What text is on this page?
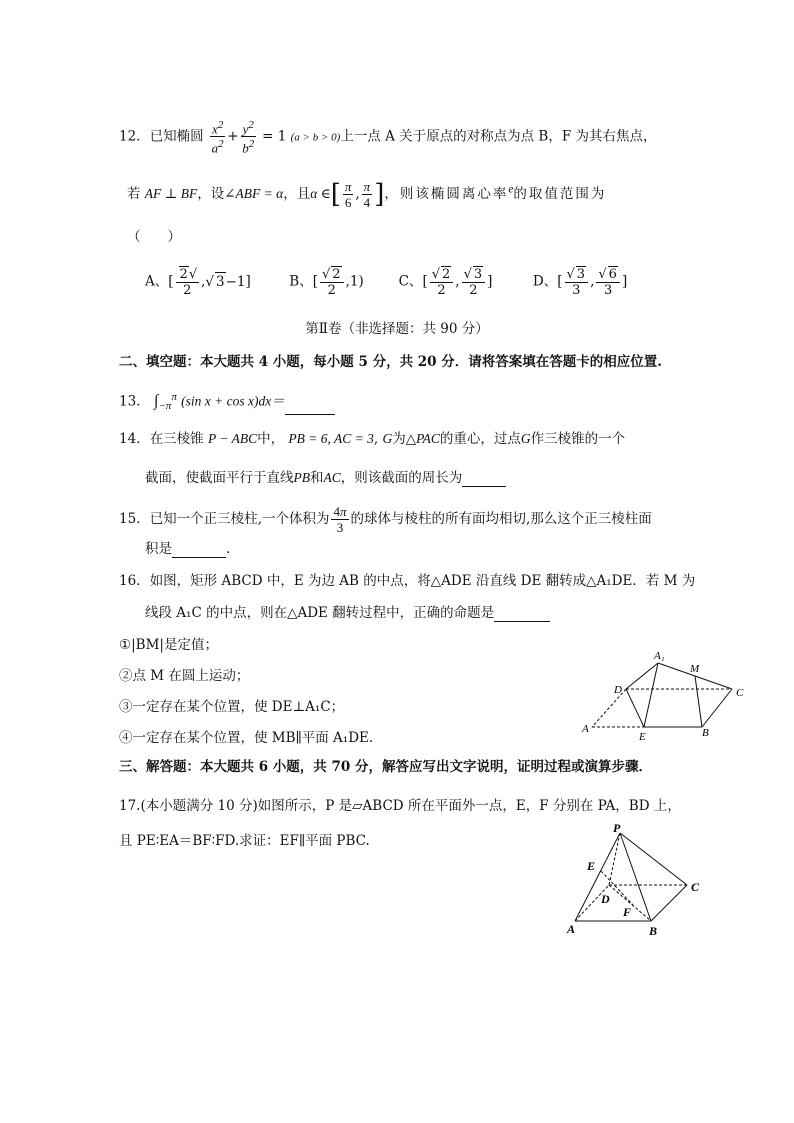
12．已知椭圆 $\frac{x^2}{a^2} + \frac{y^2}{b^2} = 1$ (a > b > 0)上一点 A 关于原点的对称点为点 B，F 为其右焦点，
若 AF ⊥ BF，设∠ABF = α，且α ∈[ $\frac{\pi}{6}$ , $\frac{\pi}{4}$ ]，则该椭圆离心率$^e$的取值范围为
（　　）
A、[ $\frac{2√}{2}$ ,√ 3−1]	B、[ $\frac{√ 2}{2} ,1$)	C、[ $\frac{√ 2}{2}$ , $\frac{√ 3}{2}$ ]	D、[ $\frac{√ 3}{3}$ , $\frac{√ 6}{3}$ ]
第Ⅱ卷（非选择题：共 90 分）
二、填空题：本大题共 4 小题，每小题 5 分，共 20 分．请将答案填在答题卡的相应位置.
13． $\int_{-\pi}^\pi$ (sin x + cos x)dx＝
14．在三棱锥 P − ABC中， PB = 6, AC = 3, G为△PAC的重心，过点G作三棱锥的一个
截面，使截面平行于直线PB和AC，则该截面的周长为
15．已知一个正三棱柱,一个体积为 $\frac{4\pi}{3}$ 的球体与棱柱的所有面均相切,那么这个正三棱柱面
积是	．
16．如图，矩形 ABCD 中，E 为边 AB 的中点，将△ADE 沿直线 DE 翻转成△A₁DE．若 M 为
线段 A₁C 的中点，则在△ADE 翻转过程中，正确的命题是
①|BM|是定值；
②点 M 在圆上运动；
③一定存在某个位置，使 DE⊥A₁C；
④一定存在某个位置，使 MB∥平面 A₁DE．
A₁
M
D	C
A
E	B
三、解答题：本大题共 6 小题，共 70 分，解答应写出文字说明，证明过程或演算步骤．
17.(本小题满分 10 分)如图所示，P 是▱ABCD 所在平面外一点，E，F 分别在 PA，BD 上，
且 PE∶EA＝BF∶FD.求证：EF∥平面 PBC.
P
E
C
D
F
A	B
